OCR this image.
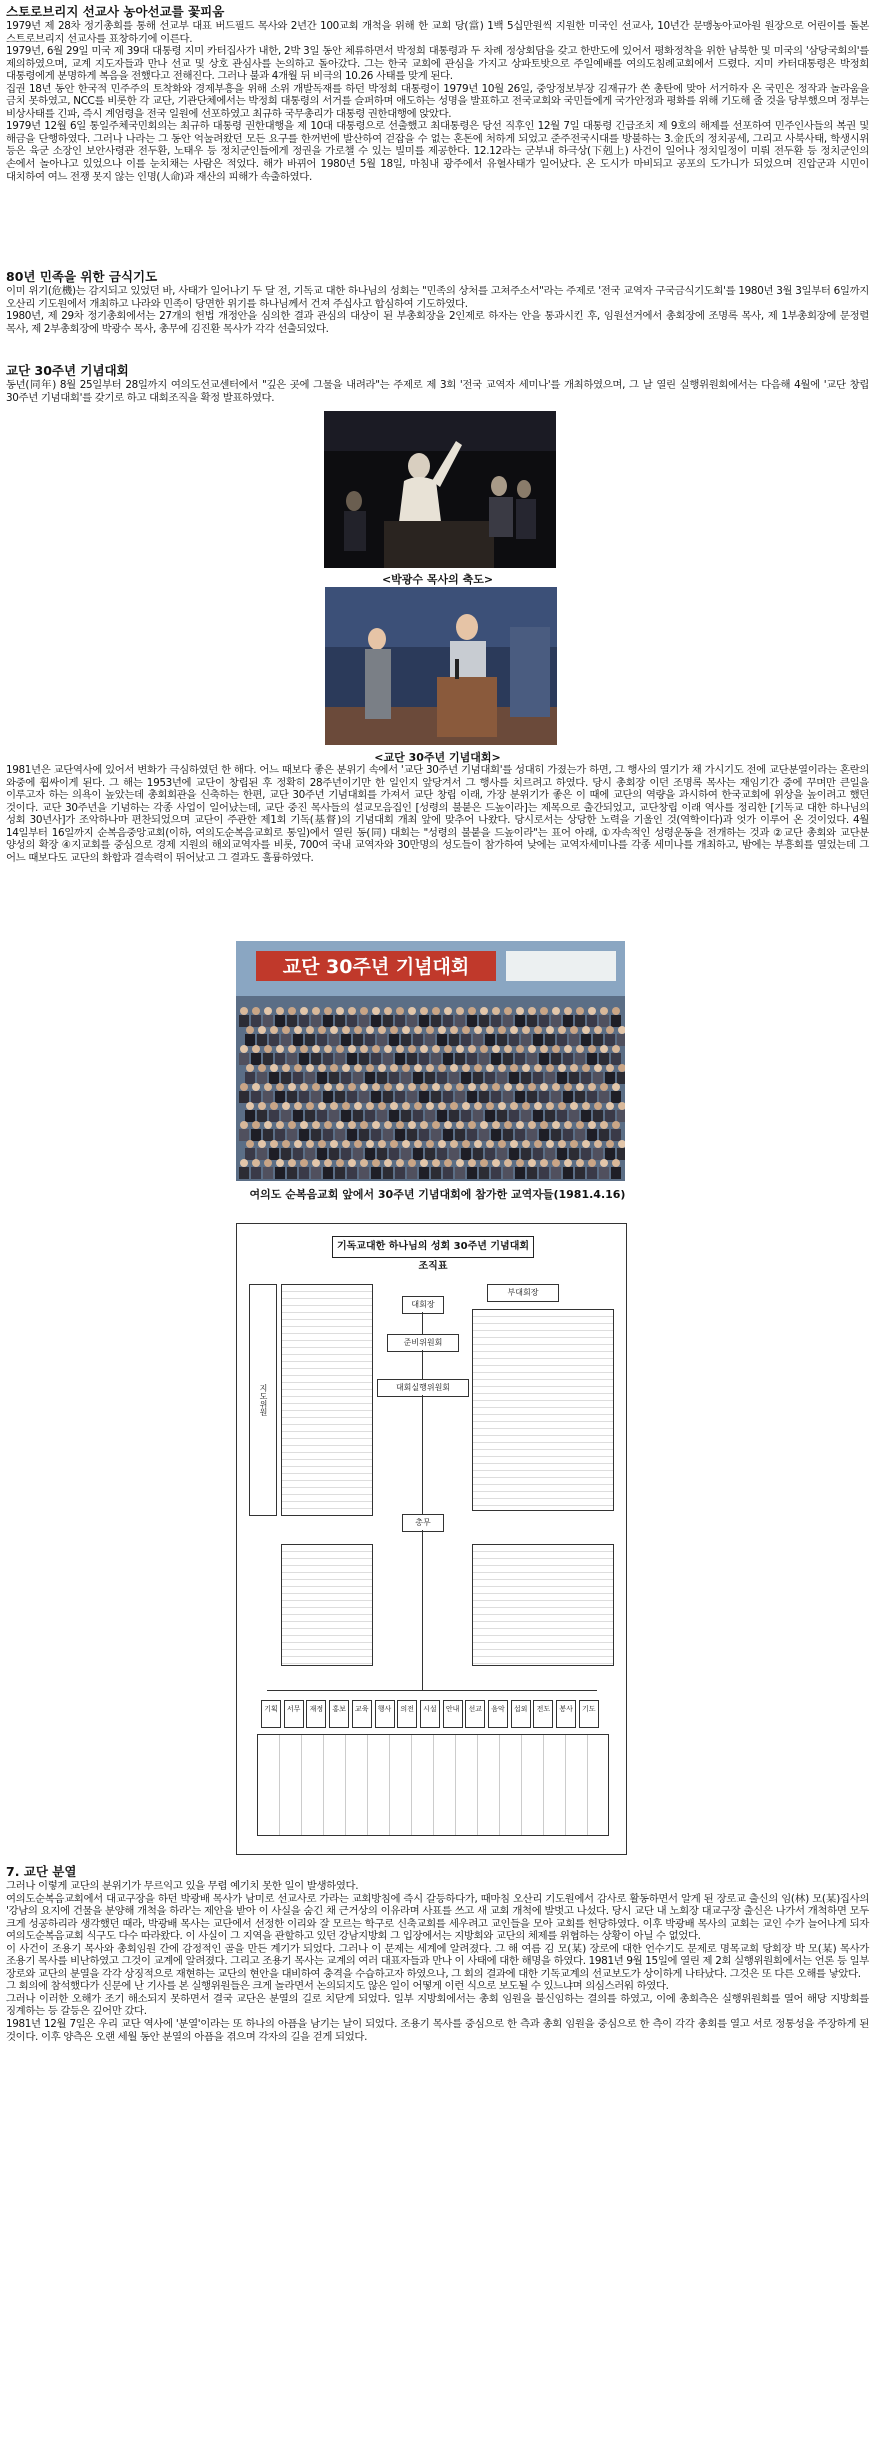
스토로브리지 선교사 농아선교를 꽃피움

1979년 제 28차 정기총회를 통해 선교부 대표 버드필드 목사와 2년간 100교회 개척을 위해 한 교회 당(當) 1백 5십만원씩 지원한 미국인 선교사, 10년간 문맹농아교아원 원장으로 어린이를 돌본 스트로브리지 선교사를 표창하기에 이른다.

1979년, 6월 29일 미국 제 39대 대통령 지미 카터집사가 내한, 2박 3일 동안 체류하면서 박정희 대통령과 두 차례 정상회담을 갖고 한반도에 있어서 평화정착을 위한 남북한 및 미국의 '삼당국회의'를 제의하였으며, 교계 지도자들과 만나 선교 및 상호 관심사를 논의하고 돌아갔다. 그는 한국 교회에 관심을 가지고 상파토밧으로 주일예배를 여의도침례교회에서 드렸다. 지미 카터대통령은 박정희 대통령에게 분명하게 복음을 전했다고 전해진다. 그러나 불과 4개월 뒤 비극의 10.26 사태를 맞게 된다.

집권 18년 동안 한국적 민주주의 토착화와 경제부흥을 위해 소위 개발독재를 하던 박정희 대통령이 1979년 10월 26일, 중앙정보부장 김재규가 쏜 총탄에 맞아 서거하자 온 국민은 정작과 놀라움을 금치 못하였고, NCC를 비롯한 각 교단, 기관단체에서는 박정희 대통령의 서거를 슬퍼하며 애도하는 성명을 발표하고 전국교회와 국민들에게 국가안정과 평화를 위해 기도해 줄 것을 당부했으며 정부는 비상사태를 긴파, 즉시 계엄령을 전국 일원에 선포하였고 최규하 국무총리가 대통령 권한대행에 앉았다.

1979년 12월 6일 통일주체국민회의는 최규하 대통령 권한대행을 제 10대 대통령으로 선출했고 최대통령은 당선 직후인 12월 7일 대통령 긴급조치 제 9호의 해제를 선포하여 민주인사들의 복권 및 해금을 단행하였다. 그러나 나라는 그 동안 억눌려왔던 모든 요구를 한꺼번에 발산하여 걷잡을 수 없는 혼돈에 처하게 되었고 준주전국시대를 방불하는 3.金氏의 정치공세, 그리고 사북사태, 학생시위 등은 육군 소장인 보안사령관 전두환, 노태우 등 정치군인들에게 정권을 가로챌 수 있는 빌미를 제공한다. 12.12라는 군부내 하극상(下剋上) 사건이 일어나 정치일정이 미뤄 전두환 등 정치군인의 손에서 놀아나고 있었으나 이를 눈치채는 사람은 적었다. 해가 바뀌어 1980년 5월 18일, 마침내 광주에서 유혈사태가 일어났다. 온 도시가 마비되고 공포의 도가니가 되었으며 진압군과 시민이 대치하여 여느 전쟁 못지 않는 인명(人命)과 재산의 피해가 속출하였다.

80년 민족을 위한 금식기도

이미 위기(危機)는 감지되고 있었던 바, 사태가 일어나기 두 달 전, 기독교 대한 하나님의 성회는 "민족의 상처를 고쳐주소서"라는 주제로 '전국 교역자 구국금식기도회'를 1980년 3월 3일부터 6일까지 오산리 기도원에서 개최하고 나라와 민족이 당면한 위기를 하나님께서 건져 주십사고 합심하여 기도하였다.

1980년, 제 29차 정기총회에서는 27개의 헌법 개정안을 심의한 결과 관심의 대상이 된 부총회장을 2인제로 하자는 안을 통과시킨 후, 임원선거에서 총회장에 조명록 목사, 제 1부총회장에 문정렬 목사, 제 2부총회장에 박광수 목사, 총무에 김진환 목사가 각각 선출되었다.

교단 30주년 기념대회

동년(同年) 8월 25일부터 28일까지 여의도선교센터에서 "깊은 곳에 그물을 내려라"는 주제로 제 3회 '전국 교역자 세미나'를 개최하였으며, 그 날 열린 실행위원회에서는 다음해 4월에 '교단 창립 30주년 기념대회'를 갖기로 하고 대회조직을 확정 발표하였다.

<박광수 목사의 축도>
<교단 30주년 기념대회>

1981년은 교단역사에 있어서 변화가 극심하였던 한 해다. 어느 때보다 좋은 분위기 속에서 '교단 30주년 기념대회'를 성대히 가졌는가 하면, 그 행사의 열기가 채 가시기도 전에 교단분열이라는 혼란의 와중에 휩싸이게 된다. 그 해는 1953년에 교단이 창립된 후 정확히 28주년이기만 한 일인지 앞당겨서 그 행사를 치르려고 하였다. 당시 총회장 이던 조명록 목사는 재임기간 중에 꾸며만 큰일을 이루고자 하는 의욕이 높았는데 총회회관을 신축하는 한편, 교단 30주년 기념대회를 가져서 교단 창립 이래, 가장 분위기가 좋은 이 때에 교단의 역량을 과시하여 한국교회에 위상을 높이려고 했던 것이다. 교단 30주년을 기념하는 각종 사업이 일어났는데, 교단 중진 목사들의 설교모음집인 [성령의 불붙은 드높이라]는 제목으로 출간되었고, 교단창립 이래 역사를 정리한 [기독교 대한 하나님의 성회 30년사]가 조악하나마 편찬되었으며 교단이 주관한 제1회 기독(基督)의 기념대회 개최 앞에 맞추어 나왔다. 당시로서는 상당한 노력을 기울인 것(역학이다)과 엇가 이루어 온 것이었다. 4월 14일부터 16일까지 순복음중앙교회(이하, 여의도순복음교회로 통일)에서 열린 동(同) 대회는 "성령의 불붙을 드높이라"는 표어 아래, ①자속적인 성령운동을 전개하는 것과 ②교단 총회와 교단분 양성의 확장 ④지교회를 중심으로 경제 지원의 해외교역자를 비롯, 700여 국내 교역자와 30만명의 성도들이 참가하여 낮에는 교역자세미나를 각종 세미나를 개최하고, 밤에는 부흥회를 열었는데 그 어느 때보다도 교단의 화합과 결속력이 뛰어났고 그 결과도 훌륭하였다.

교단 30주년 기념대회
여의도 순복음교회 앞에서 30주년 기념대회에 참가한 교역자들(1981.4.16)
기독교대한 하나님의 성회 30주년 기념대회 조직표
대회장
준비위원회
대회실행위원회
총무
지도위원
부대회장
기획	서무	재정	홍보	교육	행사	의전	시설	안내	선교	음악	섭외	전도	봉사	기도
7. 교단 분열

그러나 이렇게 교단의 분위기가 무르익고 있을 무렵 예기치 못한 일이 발생하였다.

여의도순복음교회에서 대교구장을 하던 박광배 목사가 남미로 선교사로 가라는 교회방침에 즉시 갈등하다가, 때마침 오산리 기도원에서 감사로 활동하면서 알게 된 장로교 출신의 임(林) 모(某)집사의 '강남의 요지에 건물을 분양해 개척을 하라'는 제안을 받아 이 사실을 숨긴 채 근거상의 이유라며 사표를 쓰고 새 교회 개척에 발벗고 나섰다. 당시 교단 내 노회장 대교구장 출신은 나가서 개척하면 모두 크게 성공하리라 생각했던 때라, 박광배 목사는 교단에서 선정한 이리와 잘 모르는 학구로 신축교회를 세우려고 교인들을 모아 교회를 헌당하였다. 이후 박광배 목사의 교회는 교인 수가 늘어나게 되자 여의도순복음교회 식구도 다수 따라왔다. 이 사실이 그 지역을 관할하고 있던 강남지방회 그 입장에서는 지방회와 교단의 체제를 위협하는 상황이 아닐 수 없었다.

이 사건이 조용기 목사와 총회임원 간에 감정적인 골을 만든 계기가 되었다. 그러나 이 문제는 세계에 알려졌다. 그 해 여름 김 모(某) 장로에 대한 언수기도 문제로 명목교회 당회장 박 모(某) 목사가 조용기 목사를 비난하였고 그것이 교계에 알려졌다. 그리고 조용기 목사는 교계의 여러 대표자들과 만나 이 사태에 대한 해명을 하였다. 1981년 9월 15일에 열린 제 2회 실행위원회에서는 언론 등 일부 장로와 교단의 분열을 각각 상징적으로 재현하는 교단의 현안을 대비하여 충격을 수습하고자 하였으나, 그 회의 결과에 대한 기독교계의 선교보도가 상이하게 나타났다. 그것은 또 다른 오해를 낳았다.

그 회의에 참석했다가 신문에 난 기사를 본 실행위원들은 크게 놀라면서 논의되지도 않은 일이 어떻게 이런 식으로 보도될 수 있느냐며 의심스러워 하였다.

그러나 이러한 오해가 조기 해소되지 못하면서 결국 교단은 분열의 길로 치닫게 되었다. 일부 지방회에서는 총회 임원을 불신임하는 결의를 하였고, 이에 총회측은 실행위원회를 열어 해당 지방회를 징계하는 등 갈등은 깊어만 갔다.

1981년 12월 7일은 우리 교단 역사에 '분열'이라는 또 하나의 아픔을 남기는 날이 되었다. 조용기 목사를 중심으로 한 측과 총회 임원을 중심으로 한 측이 각각 총회를 열고 서로 정통성을 주장하게 된 것이다. 이후 양측은 오랜 세월 동안 분열의 아픔을 겪으며 각자의 길을 걷게 되었다.
